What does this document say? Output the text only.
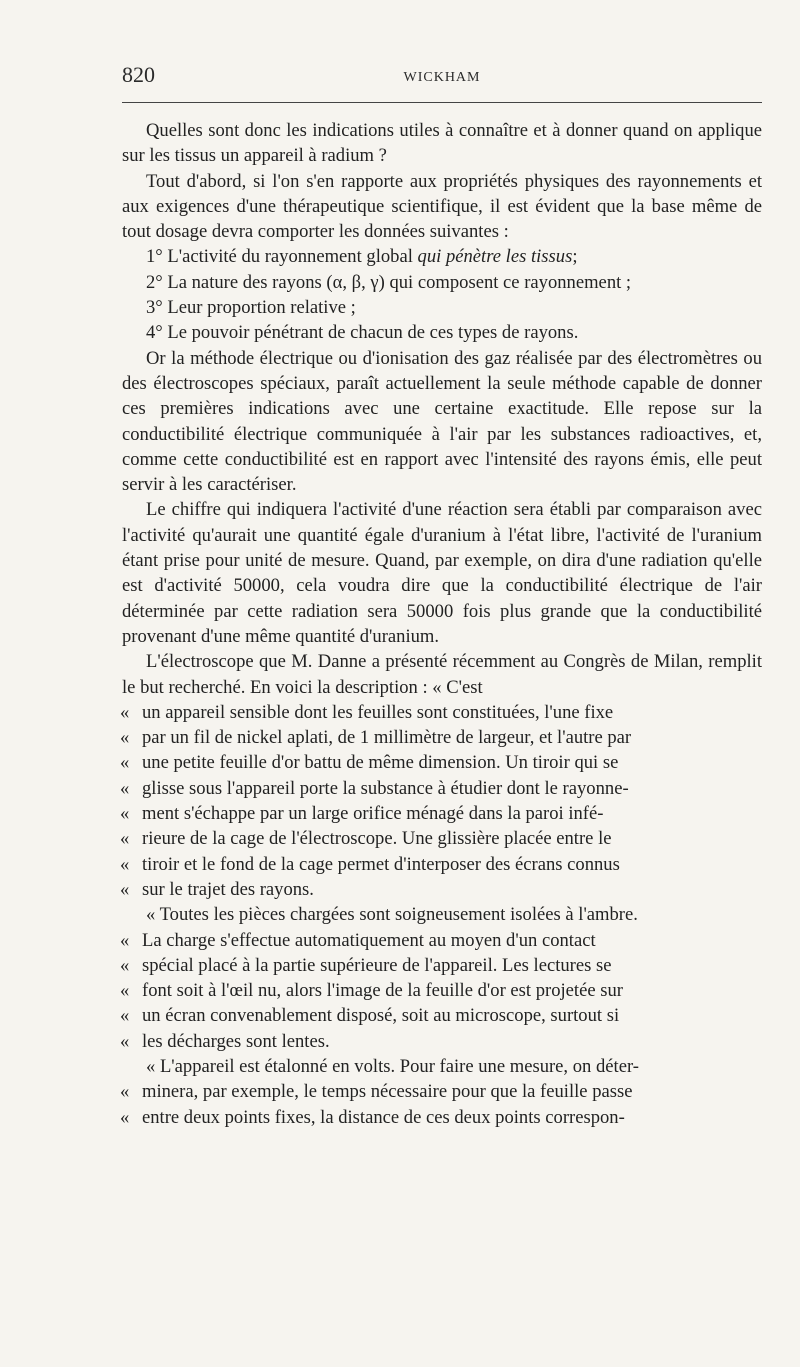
820	WICKHAM

Quelles sont donc les indications utiles à connaître et à donner quand on applique sur les tissus un appareil à radium ?

Tout d'abord, si l'on s'en rapporte aux propriétés physiques des rayonnements et aux exigences d'une thérapeutique scientifique, il est évident que la base même de tout dosage devra comporter les données suivantes :

1° L'activité du rayonnement global qui pénètre les tissus;

2° La nature des rayons (α, β, γ) qui composent ce rayonnement ;

3° Leur proportion relative ;

4° Le pouvoir pénétrant de chacun de ces types de rayons.

Or la méthode électrique ou d'ionisation des gaz réalisée par des électromètres ou des électroscopes spéciaux, paraît actuellement la seule méthode capable de donner ces premières indications avec une certaine exactitude. Elle repose sur la conductibilité électrique communiquée à l'air par les substances radioactives, et, comme cette conductibilité est en rapport avec l'intensité des rayons émis, elle peut servir à les caractériser.

Le chiffre qui indiquera l'activité d'une réaction sera établi par comparaison avec l'activité qu'aurait une quantité égale d'uranium à l'état libre, l'activité de l'uranium étant prise pour unité de mesure. Quand, par exemple, on dira d'une radiation qu'elle est d'activité 50000, cela voudra dire que la conductibilité électrique de l'air déterminée par cette radiation sera 50000 fois plus grande que la conductibilité provenant d'une même quantité d'uranium.

L'électroscope que M. Danne a présenté récemment au Congrès de Milan, remplit le but recherché. En voici la description : « C'est

« un appareil sensible dont les feuilles sont constituées, l'une fixe

« par un fil de nickel aplati, de 1 millimètre de largeur, et l'autre par

« une petite feuille d'or battu de même dimension. Un tiroir qui se

« glisse sous l'appareil porte la substance à étudier dont le rayonne-

« ment s'échappe par un large orifice ménagé dans la paroi infé-

« rieure de la cage de l'électroscope. Une glissière placée entre le

« tiroir et le fond de la cage permet d'interposer des écrans connus

« sur le trajet des rayons.

« Toutes les pièces chargées sont soigneusement isolées à l'ambre.

« La charge s'effectue automatiquement au moyen d'un contact

« spécial placé à la partie supérieure de l'appareil. Les lectures se

« font soit à l'œil nu, alors l'image de la feuille d'or est projetée sur

« un écran convenablement disposé, soit au microscope, surtout si

« les décharges sont lentes.

« L'appareil est étalonné en volts. Pour faire une mesure, on déter-

« minera, par exemple, le temps nécessaire pour que la feuille passe

« entre deux points fixes, la distance de ces deux points correspon-
